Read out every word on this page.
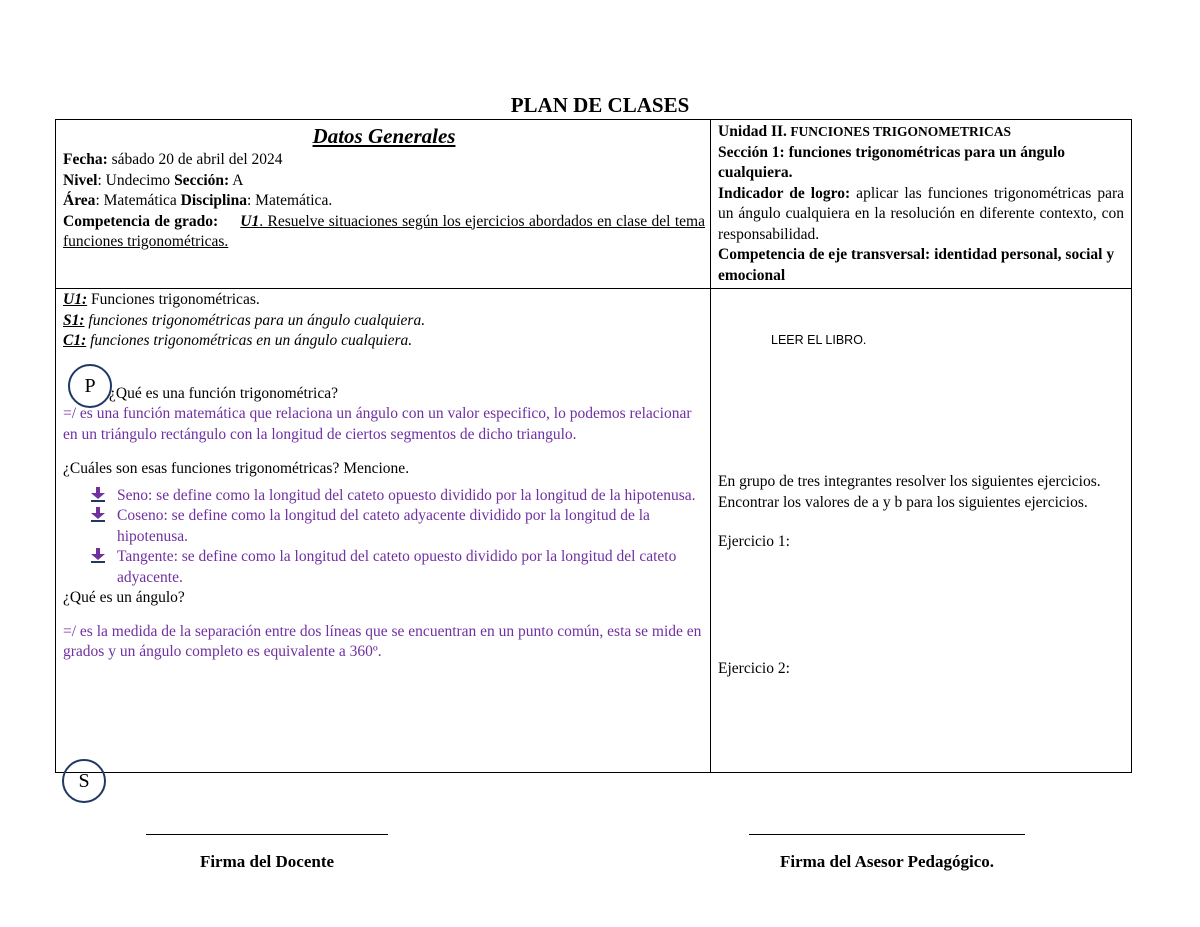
PLAN DE CLASES
Datos Generales

Fecha: sábado 20 de abril del 2024

Nivel: Undecimo Sección: A

Área: Matemática Disciplina: Matemática.

Competencia de grado: U1. Resuelve situaciones según los ejercicios abordados en clase del tema funciones trigonométricas.

Unidad II. FUNCIONES TRIGONOMETRICAS

Sección 1: funciones trigonométricas para un ángulo cualquiera.

Indicador de logro: aplicar las funciones trigonométricas para un ángulo cualquiera en la resolución en diferente contexto, con responsabilidad.

Competencia de eje transversal: identidad personal, social y emocional

U1: Funciones trigonométricas.

S1: funciones trigonométricas para un ángulo cualquiera.

C1: funciones trigonométricas en un ángulo cualquiera.

¿Qué es una función trigonométrica?

=/ es una función matemática que relaciona un ángulo con un valor especifico, lo podemos relacionar en un triángulo rectángulo con la longitud de ciertos segmentos de dicho triangulo.

¿Cuáles son esas funciones trigonométricas? Mencione.

Seno: se define como la longitud del cateto opuesto dividido por la longitud de la hipotenusa.
Coseno: se define como la longitud del cateto adyacente dividido por la longitud de la hipotenusa.
Tangente: se define como la longitud del cateto opuesto dividido por la longitud del cateto adyacente.

¿Qué es un ángulo?

=/ es la medida de la separación entre dos líneas que se encuentran en un punto común, esta se mide en grados y un ángulo completo es equivalente a 360º.

LEER EL LIBRO.

En grupo de tres integrantes resolver los siguientes ejercicios.

Encontrar los valores de a y b para los siguientes ejercicios.

Ejercicio 1:

Ejercicio 2:

P
S
Firma del Docente	Firma del Asesor Pedagógico.
